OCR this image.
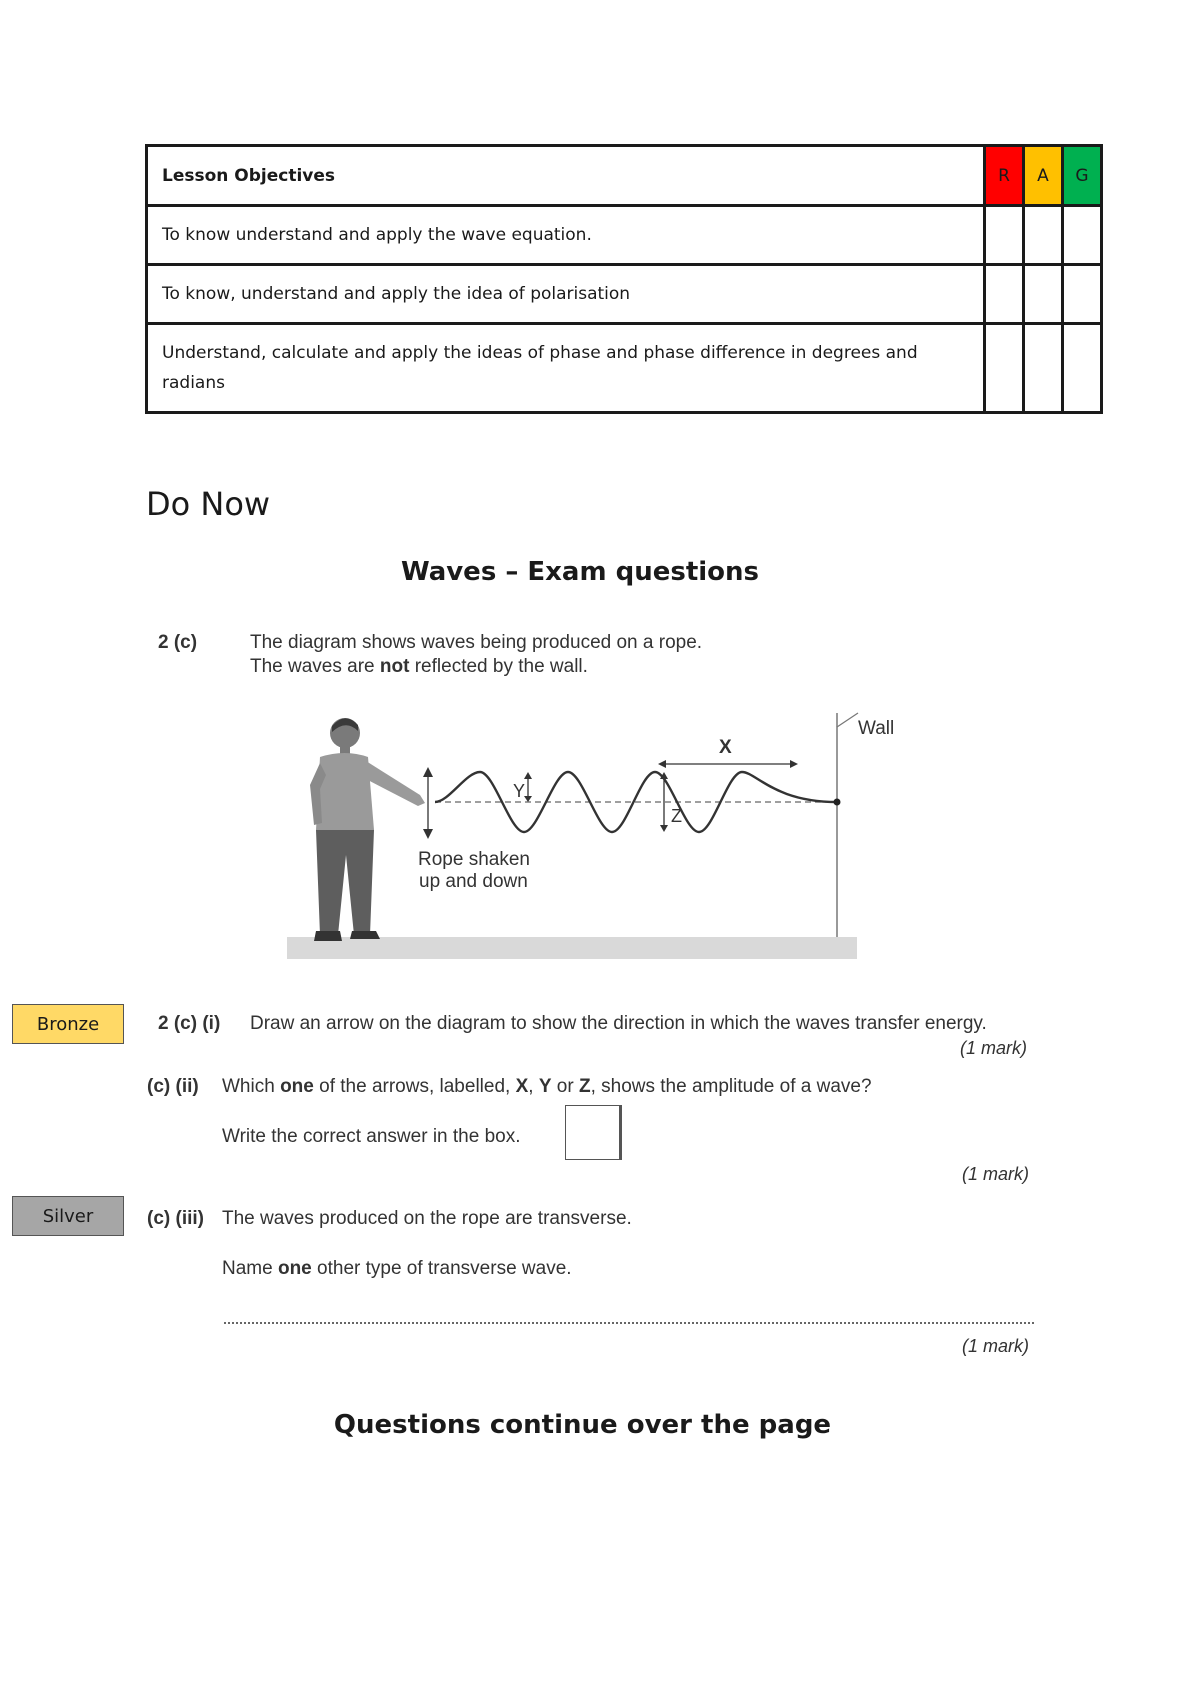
Lesson Objectives	R	A	G
To know understand and apply the wave equation.			
To know, understand and apply the idea of polarisation			
Understand, calculate and apply the ideas of phase and phase difference in degrees and radians			
Do Now
Waves – Exam questions
2 (c)	The diagram shows waves being produced on a rope.
The waves are not reflected by the wall.
Wall
Y
Z
X
Rope shaken
up and down
Bronze	2 (c) (i) Draw an arrow on the diagram to show the direction in which the waves transfer energy.
(1 mark)
(c) (ii) Which one of the arrows, labelled, X, Y or Z, shows the amplitude of a wave?
Write the correct answer in the box.
(1 mark)
Silver	(c) (iii) The waves produced on the rope are transverse.
Name one other type of transverse wave.
(1 mark)
Questions continue over the page
